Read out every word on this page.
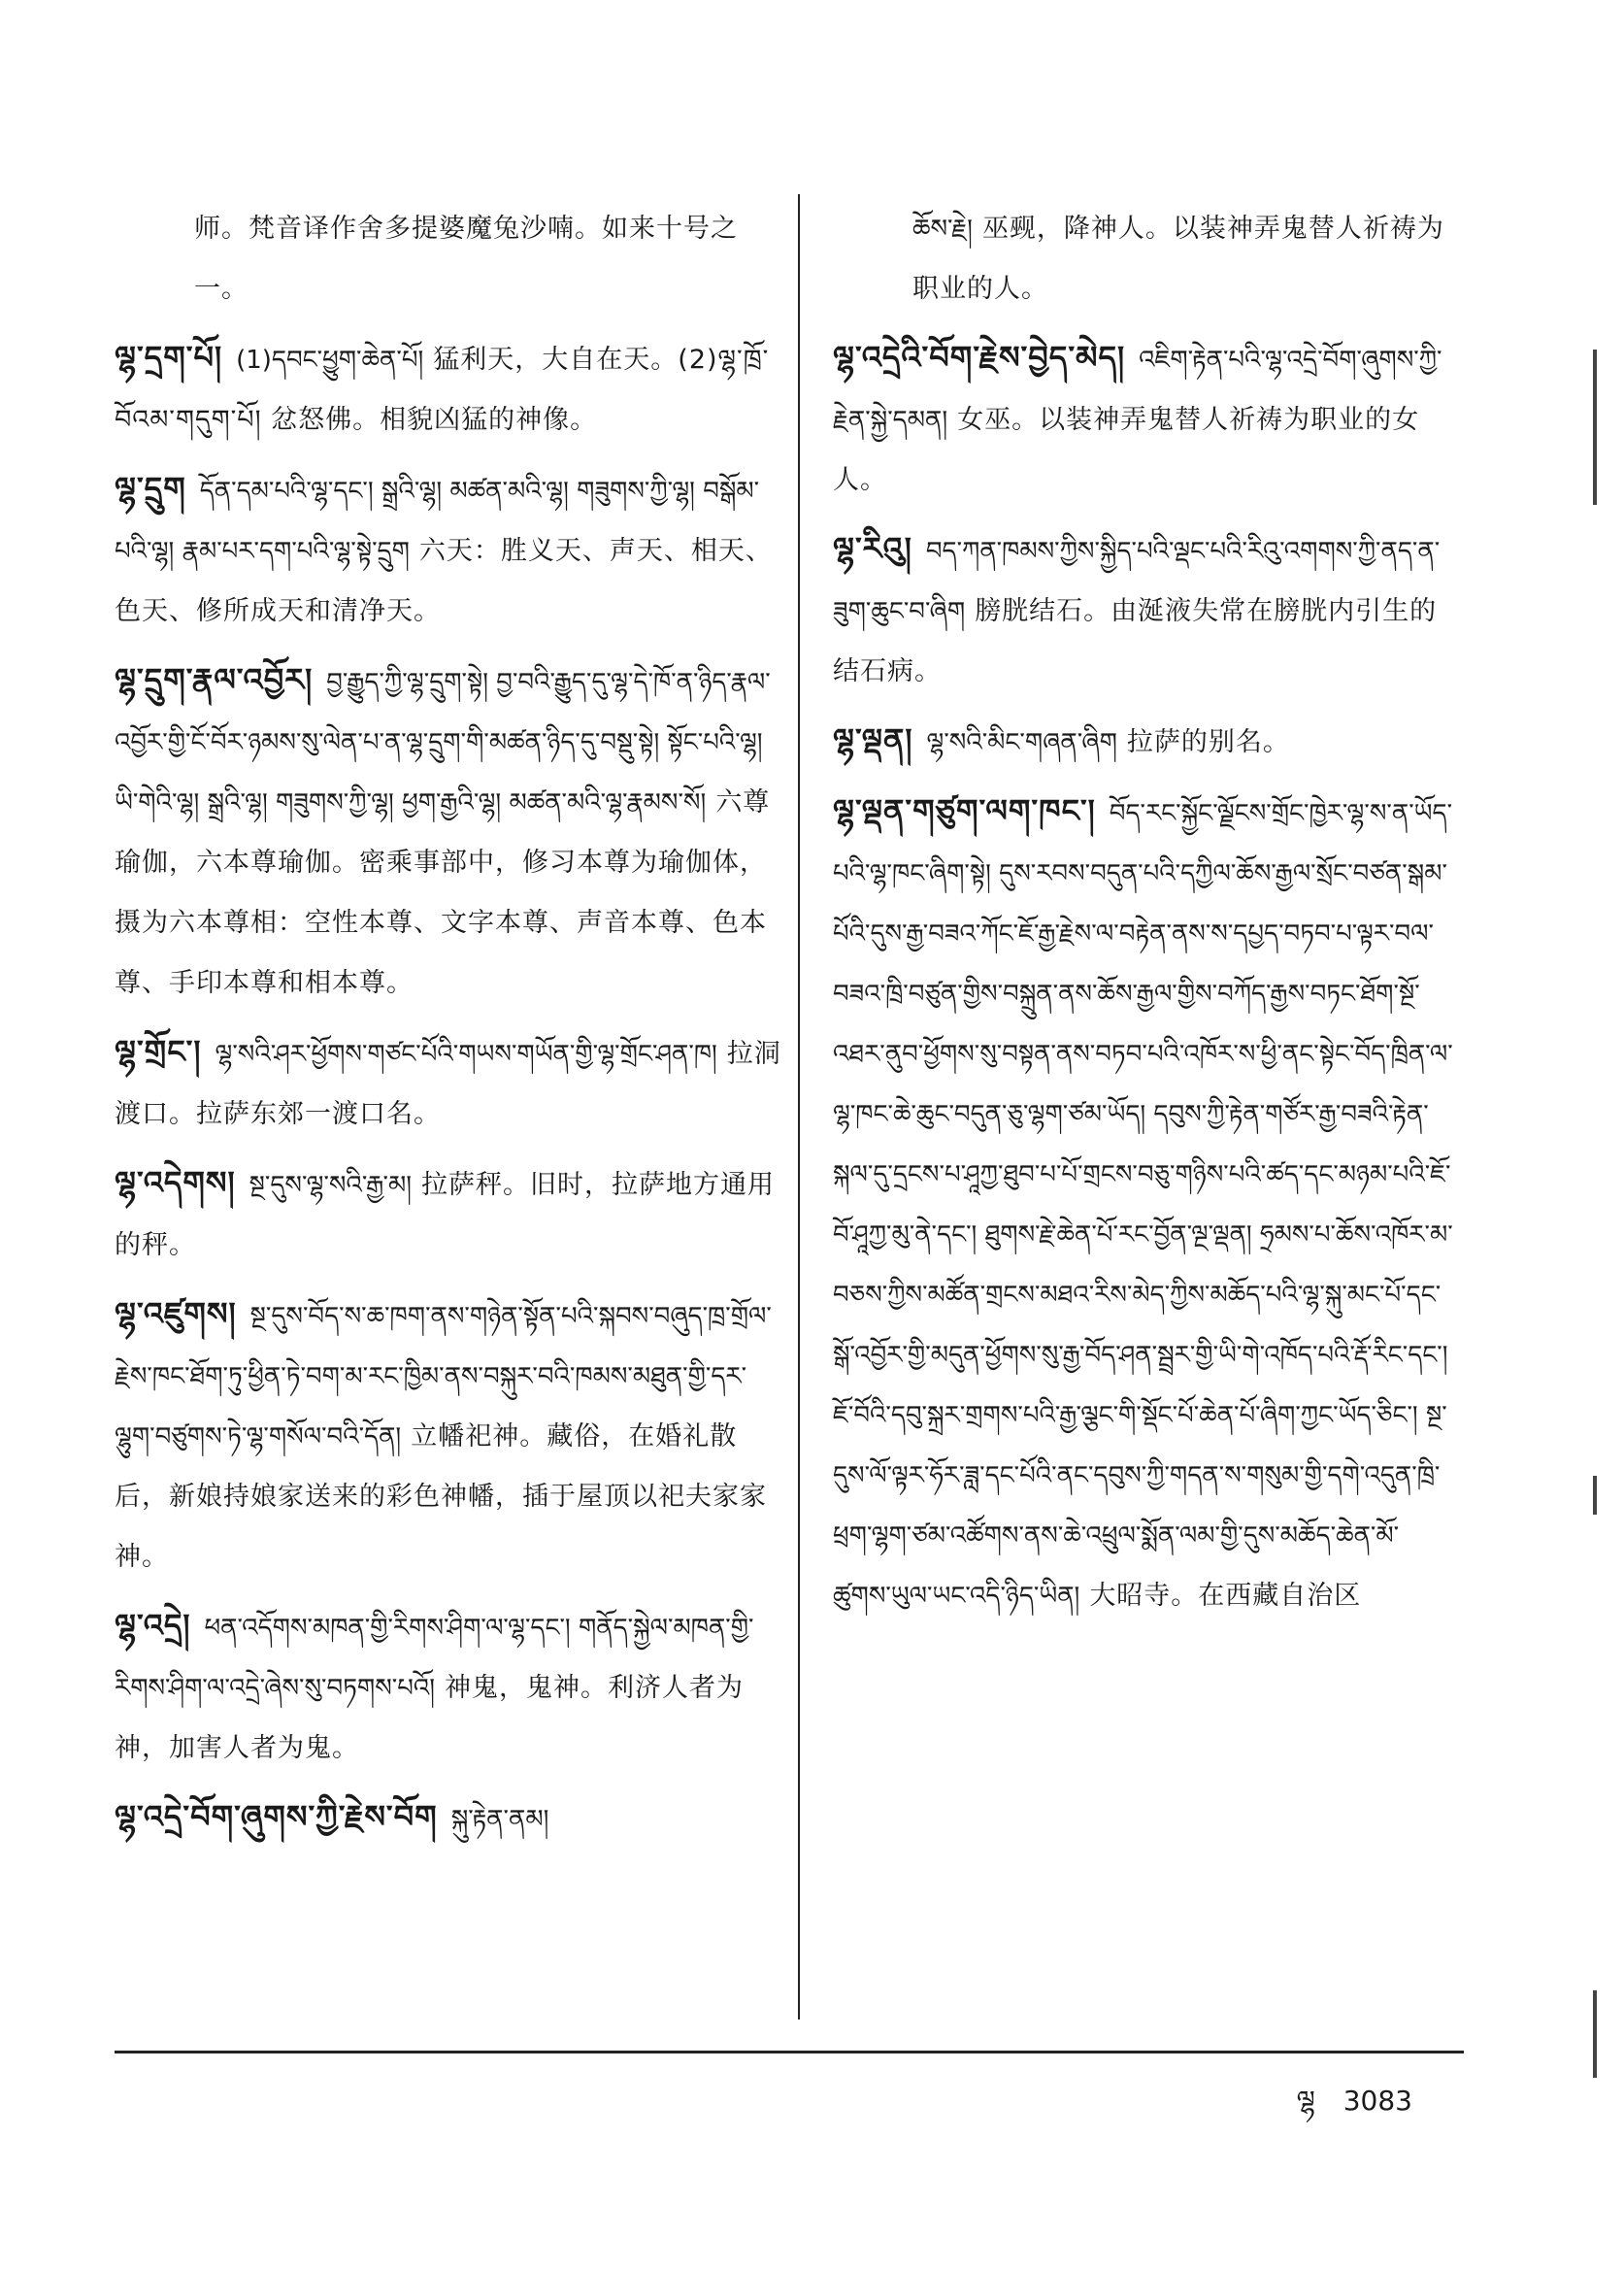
师。梵音译作舍多提婆魔兔沙喃。如来十号之一。
ལྷ་དྲག་པོ། (1)དབང་ཕྱུག་ཆེན་པོ། 猛利天，大自在天。(2)ལྷ་ཁྲོ་བོའམ་གདུག་པོ། 忿怒佛。相貌凶猛的神像。
ལྷ་དྲུག དོན་དམ་པའི་ལྷ་དང་། སྒྲའི་ལྷ། མཚན་མའི་ལྷ། གཟུགས་ཀྱི་ལྷ། བསྒོམ་པའི་ལྷ། རྣམ་པར་དག་པའི་ལྷ་སྟེ་དྲུག 六天：胜义天、声天、相天、色天、修所成天和清净天。
ལྷ་དྲུག་རྣལ་འབྱོར། བྱ་རྒྱུད་ཀྱི་ལྷ་དྲུག་སྟེ། བྱ་བའི་རྒྱུད་དུ་ལྷ་དེ་ཁོ་ན་ཉིད་རྣལ་འབྱོར་གྱི་ངོ་བོར་ཉམས་སུ་ལེན་པ་ན་ལྷ་དྲུག་གི་མཚན་ཉིད་དུ་བསྡུ་སྟེ། སྟོང་པའི་ལྷ། ཡི་གེའི་ལྷ། སྒྲའི་ལྷ། གཟུགས་ཀྱི་ལྷ། ཕྱག་རྒྱའི་ལྷ། མཚན་མའི་ལྷ་རྣམས་སོ། 六尊瑜伽，六本尊瑜伽。密乘事部中，修习本尊为瑜伽体，摄为六本尊相：空性本尊、文字本尊、声音本尊、色本尊、手印本尊和相本尊。
ལྷ་གྲོང་། ལྷ་སའི་ཤར་ཕྱོགས་གཙང་པོའི་གཡས་གཡོན་གྱི་ལྷ་གྲོང་ཤན་ཁ། 拉洞渡口。拉萨东郊一渡口名。
ལྷ་འདེགས། སྔ་དུས་ལྷ་སའི་རྒྱ་མ། 拉萨秤。旧时，拉萨地方通用的秤。
ལྷ་འཛུགས། སྔ་དུས་བོད་ས་ཆ་ཁག་ནས་གཉེན་སྟོན་པའི་སྐབས་བཞུད་ཁྲ་གྲོལ་རྗེས་ཁང་ཐོག་ཏུ་ཕྱིན་ཏེ་བག་མ་རང་ཁྱིམ་ནས་བསྐུར་བའི་ཁམས་མཐུན་གྱི་དར་ལྷུག་བཙུགས་ཏེ་ལྷ་གསོལ་བའི་དོན། 立幡祀神。藏俗，在婚礼散后，新娘持娘家送来的彩色神幡，插于屋顶以祀夫家家神。
ལྷ་འདྲེ། ཕན་འདོགས་མཁན་གྱི་རིགས་ཤིག་ལ་ལྷ་དང་། གནོད་སྐྱེལ་མཁན་གྱི་རིགས་ཤིག་ལ་འདྲེ་ཞེས་སུ་བཏགས་པའོ། 神鬼，鬼神。利济人者为神，加害人者为鬼。
ལྷ་འདྲེ་བོག་ཞུགས་ཀྱི་རྗེས་བོག སྐུ་རྟེན་ནམ།
ཆོས་རྗེ། 巫觋，降神人。以装神弄鬼替人祈祷为职业的人。
ལྷ་འདྲེའི་བོག་རྗེས་བྱེད་མེད། འཇིག་རྟེན་པའི་ལྷ་འདྲེ་བོག་ཞུགས་ཀྱི་རྗེན་སྐྱེ་དམན། 女巫。以装神弄鬼替人祈祷为职业的女人。
ལྷ་རིའུ། བད་ཀན་ཁམས་ཀྱིས་སྐྱིད་པའི་ལྡང་པའི་རིའུ་འགགས་ཀྱི་ནད་ན་ཟུག་ཆུང་བ་ཞིག 膀胱结石。由涎液失常在膀胱内引生的结石病。
ལྷ་ལྡན། ལྷ་སའི་མིང་གཞན་ཞིག 拉萨的别名。
ལྷ་ལྡན་གཙུག་ལག་ཁང་། བོད་རང་སྐྱོང་ལྗོངས་གྲོང་ཁྱེར་ལྷ་ས་ན་ཡོད་པའི་ལྷ་ཁང་ཞིག་སྟེ། དུས་རབས་བདུན་པའི་དཀྱིལ་ཆོས་རྒྱལ་སྲོང་བཙན་སྒམ་པོའི་དུས་རྒྱ་བཟའ་ཀོང་ཇོ་རྒྱ་རྗེས་ལ་བརྟེན་ནས་ས་དཔྱད་བཏབ་པ་ལྟར་བལ་བཟའ་ཁྲི་བཙུན་གྱིས་བསྐྲུན་ནས་ཆོས་རྒྱལ་གྱིས་བཀོད་རྒྱས་བཏང་ཐོག་སྔོ་འཐར་ནུབ་ཕྱོགས་སུ་བསྟན་ནས་བཏབ་པའི་འཁོར་ས་ཕྱི་ནང་སྟེང་བོད་ཁྲིན་ལ་ལྷ་ཁང་ཆེ་ཆུང་བདུན་ཅུ་ལྷག་ཙམ་ཡོད། དབུས་ཀྱི་རྟེན་གཙོར་རྒྱ་བཟའི་རྟེན་སྐལ་དུ་དྲངས་པ་ཤཱཀྱ་ཐུབ་པ་པོ་གྲངས་བཅུ་གཉིས་པའི་ཚད་དང་མཉམ་པའི་ཇོ་བོ་ཤཱཀྱ་མུ་ནེ་དང་། ཐུགས་རྗེ་ཆེན་པོ་རང་བྱོན་ལྔ་ལྡན། ཧྲམས་པ་ཆོས་འཁོར་མ་བཅས་ཀྱིས་མཚོན་གྲངས་མཐའ་རིས་མེད་ཀྱིས་མཆོད་པའི་ལྷ་སྐུ་མང་པོ་དང་སྒོ་འབྱོར་གྱི་མདུན་ཕྱོགས་སུ་རྒྱ་བོད་ཤན་སྦྲར་གྱི་ཡི་གེ་འཁོད་པའི་རྡོ་རིང་དང་། ཇོ་བོའི་དབུ་སྐྲར་གྲགས་པའི་རྒྱ་ལྕང་གི་སྡོང་པོ་ཆེན་པོ་ཞིག་ཀྱང་ཡོད་ཅིང་། སྔ་དུས་ལོ་ལྟར་ཧོར་ཟླ་དང་པོའི་ནང་དབུས་ཀྱི་གདན་ས་གསུམ་གྱི་དགེ་འདུན་ཁྲི་ཕྲག་ལྷག་ཙམ་འཚོགས་ནས་ཆེ་འཕྲུལ་སྨོན་ལམ་གྱི་དུས་མཆོད་ཆེན་མོ་ཚུགས་ཡུལ་ཡང་འདི་ཉིད་ཡིན། 大昭寺。在西藏自治区
ལྷ 3083
